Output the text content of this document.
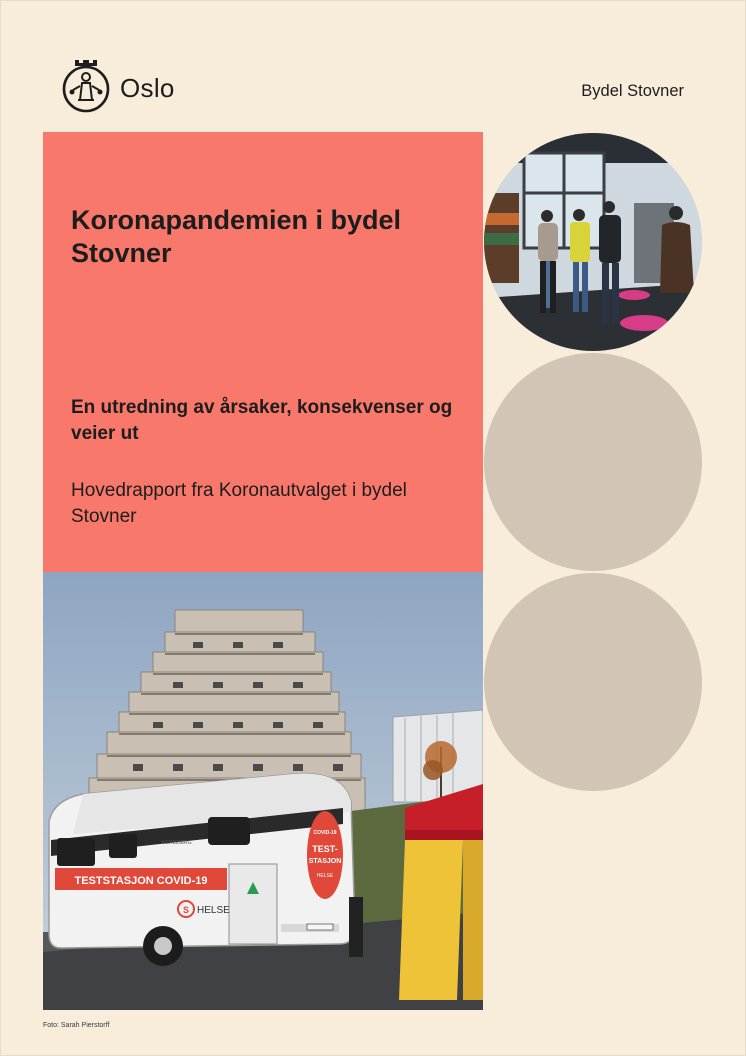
Oslo	Bydel Stovner
Koronapandemien i bydel Stovner
En utredning av årsaker, konsekvenser og veier ut

Hovedrapport fra Koronautvalget i bydel Stovner

TESTSTASJON COVID-19
S HELSE
WEINSBERG
COVID-19
TEST-
STASJON
HELSE
Foto: Sarah Pierstorff
